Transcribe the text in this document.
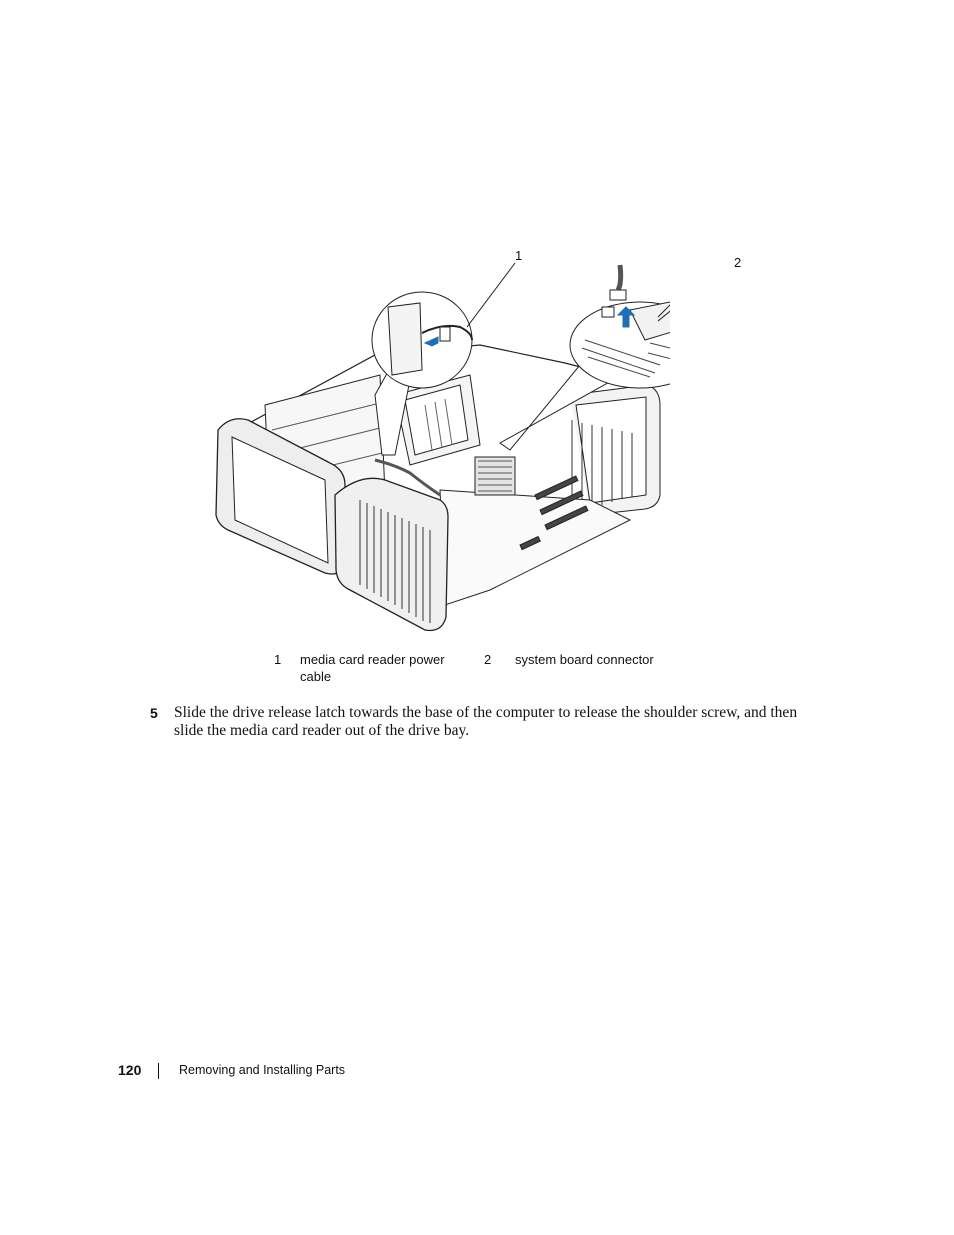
1	2
1 media card reader power cable
2 system board connector
5 Slide the drive release latch towards the base of the computer to release the shoulder screw, and then slide the media card reader out of the drive bay.

120	Removing and Installing Parts
